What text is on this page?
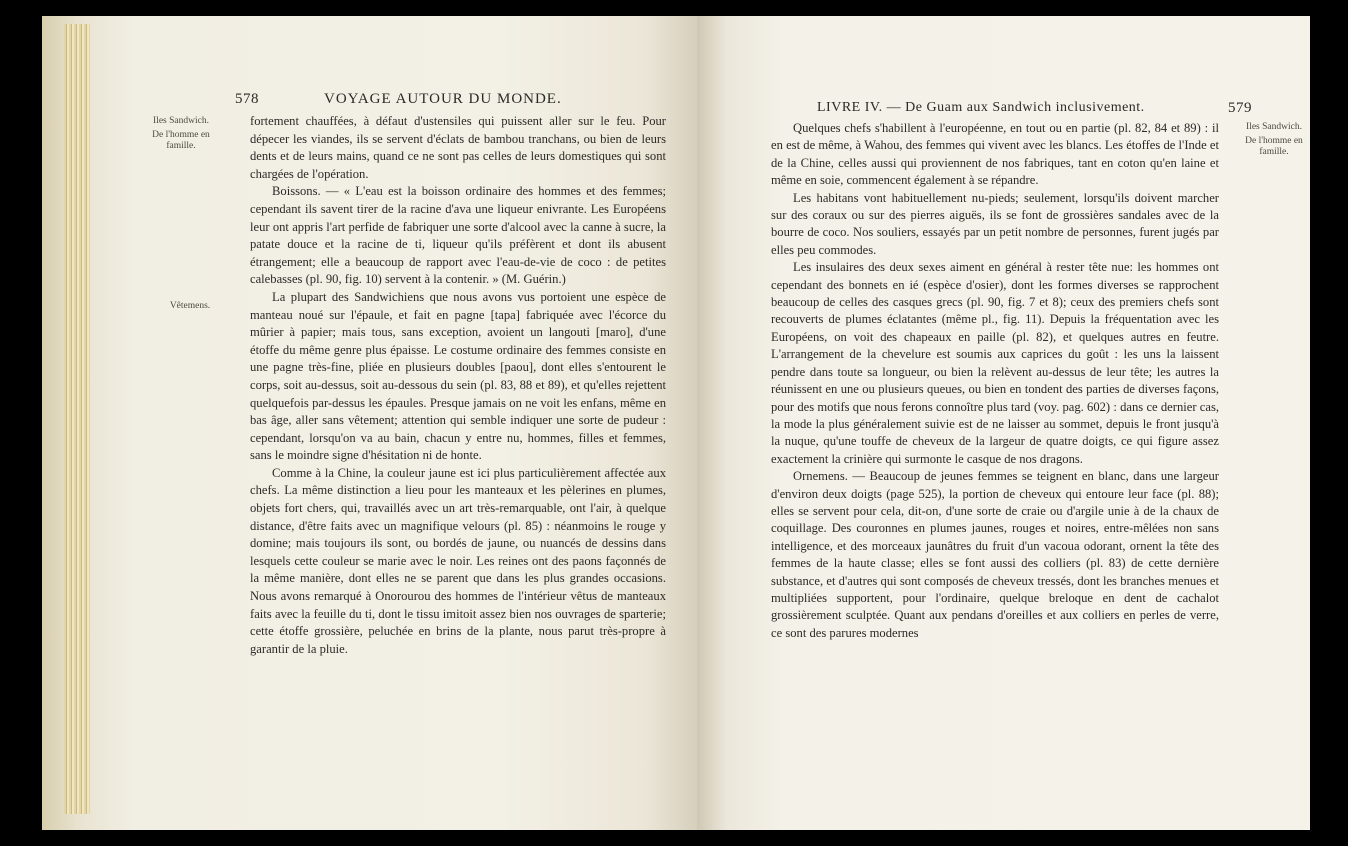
578	VOYAGE AUTOUR DU MONDE.
Iles Sandwich.
De l'homme en famille.
Vêtemens.

fortement chauffées, à défaut d'ustensiles qui puissent aller sur le feu. Pour dépecer les viandes, ils se servent d'éclats de bambou tranchans, ou bien de leurs dents et de leurs mains, quand ce ne sont pas celles de leurs domestiques qui sont chargées de l'opération.

Boissons. — « L'eau est la boisson ordinaire des hommes et des femmes; cependant ils savent tirer de la racine d'ava une liqueur enivrante. Les Européens leur ont appris l'art perfide de fabriquer une sorte d'alcool avec la canne à sucre, la patate douce et la racine de ti, liqueur qu'ils préfèrent et dont ils abusent étrangement; elle a beaucoup de rapport avec l'eau-de-vie de coco : de petites calebasses (pl. 90, fig. 10) servent à la contenir. » (M. Guérin.)

La plupart des Sandwichiens que nous avons vus portoient une espèce de manteau noué sur l'épaule, et fait en pagne [tapa] fabriquée avec l'écorce du mûrier à papier; mais tous, sans exception, avoient un langouti [maro], d'une étoffe du même genre plus épaisse. Le costume ordinaire des femmes consiste en une pagne très-fine, pliée en plusieurs doubles [paou], dont elles s'entourent le corps, soit au-dessus, soit au-dessous du sein (pl. 83, 88 et 89), et qu'elles rejettent quelquefois par-dessus les épaules. Presque jamais on ne voit les enfans, même en bas âge, aller sans vêtement; attention qui semble indiquer une sorte de pudeur : cependant, lorsqu'on va au bain, chacun y entre nu, hommes, filles et femmes, sans le moindre signe d'hésitation ni de honte.

Comme à la Chine, la couleur jaune est ici plus particulièrement affectée aux chefs. La même distinction a lieu pour les manteaux et les pèlerines en plumes, objets fort chers, qui, travaillés avec un art très-remarquable, ont l'air, à quelque distance, d'être faits avec un magnifique velours (pl. 85) : néanmoins le rouge y domine; mais toujours ils sont, ou bordés de jaune, ou nuancés de dessins dans lesquels cette couleur se marie avec le noir. Les reines ont des paons façonnés de la même manière, dont elles ne se parent que dans les plus grandes occasions. Nous avons remarqué à Onorourou des hommes de l'intérieur vêtus de manteaux faits avec la feuille du ti, dont le tissu imitoit assez bien nos ouvrages de sparterie; cette étoffe grossière, peluchée en brins de la plante, nous parut très-propre à garantir de la pluie.

LIVRE IV. — De Guam aux Sandwich inclusivement.	579
Iles Sandwich.
De l'homme en famille.

Quelques chefs s'habillent à l'européenne, en tout ou en partie (pl. 82, 84 et 89) : il en est de même, à Wahou, des femmes qui vivent avec les blancs. Les étoffes de l'Inde et de la Chine, celles aussi qui proviennent de nos fabriques, tant en coton qu'en laine et même en soie, commencent également à se répandre.

Les habitans vont habituellement nu-pieds; seulement, lorsqu'ils doivent marcher sur des coraux ou sur des pierres aiguës, ils se font de grossières sandales avec de la bourre de coco. Nos souliers, essayés par un petit nombre de personnes, furent jugés par elles peu commodes.

Les insulaires des deux sexes aiment en général à rester tête nue: les hommes ont cependant des bonnets en ié (espèce d'osier), dont les formes diverses se rapprochent beaucoup de celles des casques grecs (pl. 90, fig. 7 et 8); ceux des premiers chefs sont recouverts de plumes éclatantes (même pl., fig. 11). Depuis la fréquentation avec les Européens, on voit des chapeaux en paille (pl. 82), et quelques autres en feutre. L'arrangement de la chevelure est soumis aux caprices du goût : les uns la laissent pendre dans toute sa longueur, ou bien la relèvent au-dessus de leur tête; les autres la réunissent en une ou plusieurs queues, ou bien en tondent des parties de diverses façons, pour des motifs que nous ferons connoître plus tard (voy. pag. 602) : dans ce dernier cas, la mode la plus généralement suivie est de ne laisser au sommet, depuis le front jusqu'à la nuque, qu'une touffe de cheveux de la largeur de quatre doigts, ce qui figure assez exactement la crinière qui surmonte le casque de nos dragons.

Ornemens. — Beaucoup de jeunes femmes se teignent en blanc, dans une largeur d'environ deux doigts (page 525), la portion de cheveux qui entoure leur face (pl. 88); elles se servent pour cela, dit-on, d'une sorte de craie ou d'argile unie à de la chaux de coquillage. Des couronnes en plumes jaunes, rouges et noires, entre-mêlées non sans intelligence, et des morceaux jaunâtres du fruit d'un vacoua odorant, ornent la tête des femmes de la haute classe; elles se font aussi des colliers (pl. 83) de cette dernière substance, et d'autres qui sont composés de cheveux tressés, dont les branches menues et multipliées supportent, pour l'ordinaire, quelque breloque en dent de cachalot grossièrement sculptée. Quant aux pendans d'oreilles et aux colliers en perles de verre, ce sont des parures modernes
